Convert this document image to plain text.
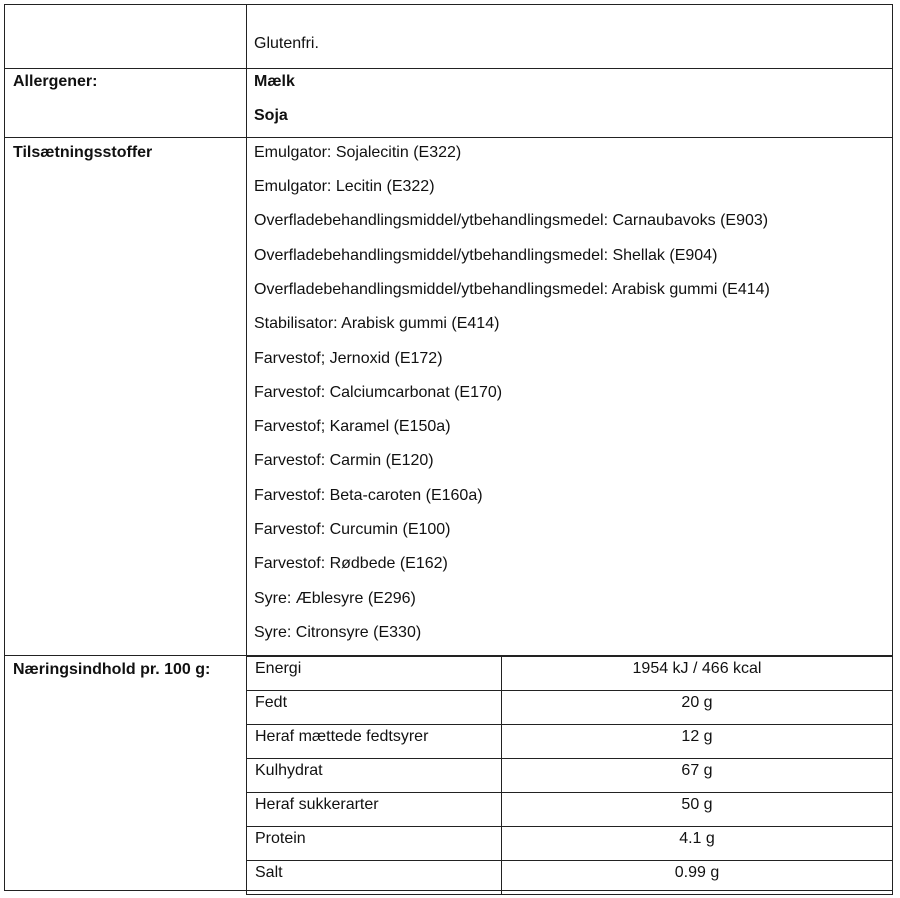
Glutenfri.
Allergener:	Mælk
Soja
Tilsætningsstoffer	Emulgator: Sojalecitin (E322)
Emulgator: Lecitin (E322)
Overfladebehandlingsmiddel/ytbehandlingsmedel: Carnaubavoks (E903)
Overfladebehandlingsmiddel/ytbehandlingsmedel: Shellak (E904)
Overfladebehandlingsmiddel/ytbehandlingsmedel: Arabisk gummi (E414)
Stabilisator: Arabisk gummi (E414)
Farvestof; Jernoxid (E172)
Farvestof: Calciumcarbonat (E170)
Farvestof; Karamel (E150a)
Farvestof: Carmin (E120)
Farvestof: Beta-caroten (E160a)
Farvestof: Curcumin (E100)
Farvestof: Rødbede (E162)
Syre: Æblesyre (E296)
Syre: Citronsyre (E330)
Næringsindhold pr. 100 g:	Energi	1954 kJ / 466 kcal
Fedt	20 g
Heraf mættede fedtsyrer	12 g
Kulhydrat	67 g
Heraf sukkerarter	50 g
Protein	4.1 g
Salt	0.99 g
